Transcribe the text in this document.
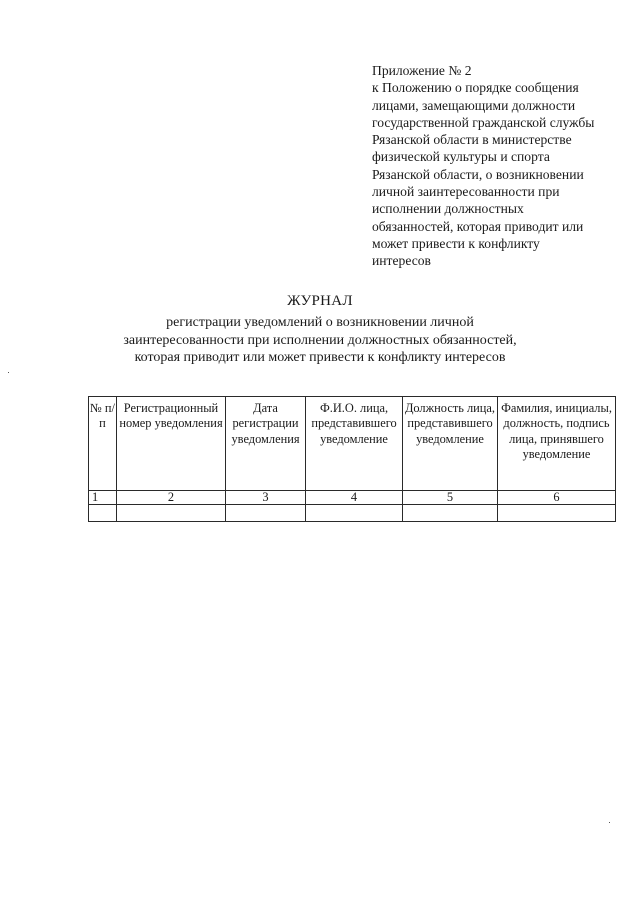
Приложение № 2
к Положению о порядке сообщения
лицами, замещающими должности
государственной гражданской службы
Рязанской области в министерстве
физической культуры и спорта
Рязанской области, о возникновении
личной заинтересованности при
исполнении должностных
обязанностей, которая приводит или
может привести к конфликту
интересов
ЖУРНАЛ
регистрации уведомлений о возникновении личной
заинтересованности при исполнении должностных обязанностей,
которая приводит или может привести к конфликту интересов
№ п/п	Регистрационный номер уведомления	Дата регистрации уведомления	Ф.И.О. лица, представившего уведомление	Должность лица, представившего уведомление	Фамилия, инициалы, должность, подпись лица, принявшего уведомление
1	2	3	4	5	6
